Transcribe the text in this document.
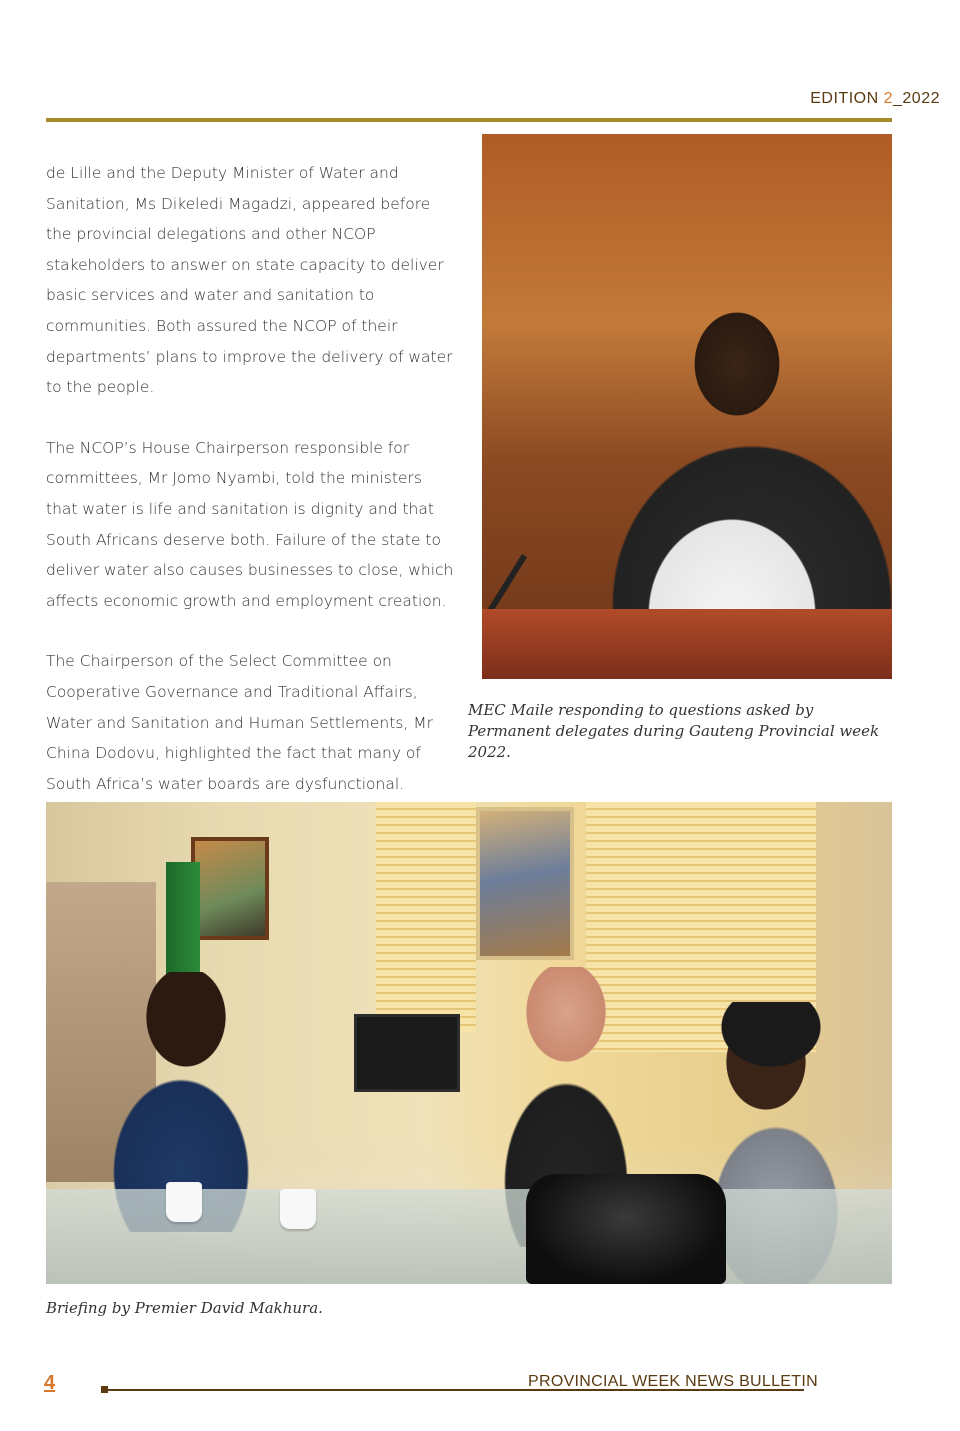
EDITION 2_2022

de Lille and the Deputy Minister of Water and Sanitation, Ms Dikeledi Magadzi, appeared before the provincial delegations and other NCOP stakeholders to answer on state capacity to deliver basic services and water and sanitation to communities. Both assured the NCOP of their departments’ plans to improve the delivery of water to the people.

The NCOP’s House Chairperson responsible for committees, Mr Jomo Nyambi, told the ministers that water is life and sanitation is dignity and that South Africans deserve both. Failure of the state to deliver water also causes businesses to close, which affects economic growth and employment creation.

The Chairperson of the Select Committee on Cooperative Governance and Traditional Affairs, Water and Sanitation and Human Settlements, Mr China Dodovu, highlighted the fact that many of South Africa’s water boards are dysfunctional.

MEC Maile responding to questions asked by Permanent delegates during Gauteng Provincial week 2022.
Briefing by Premier David Makhura.
4	PROVINCIAL WEEK NEWS BULLETIN
